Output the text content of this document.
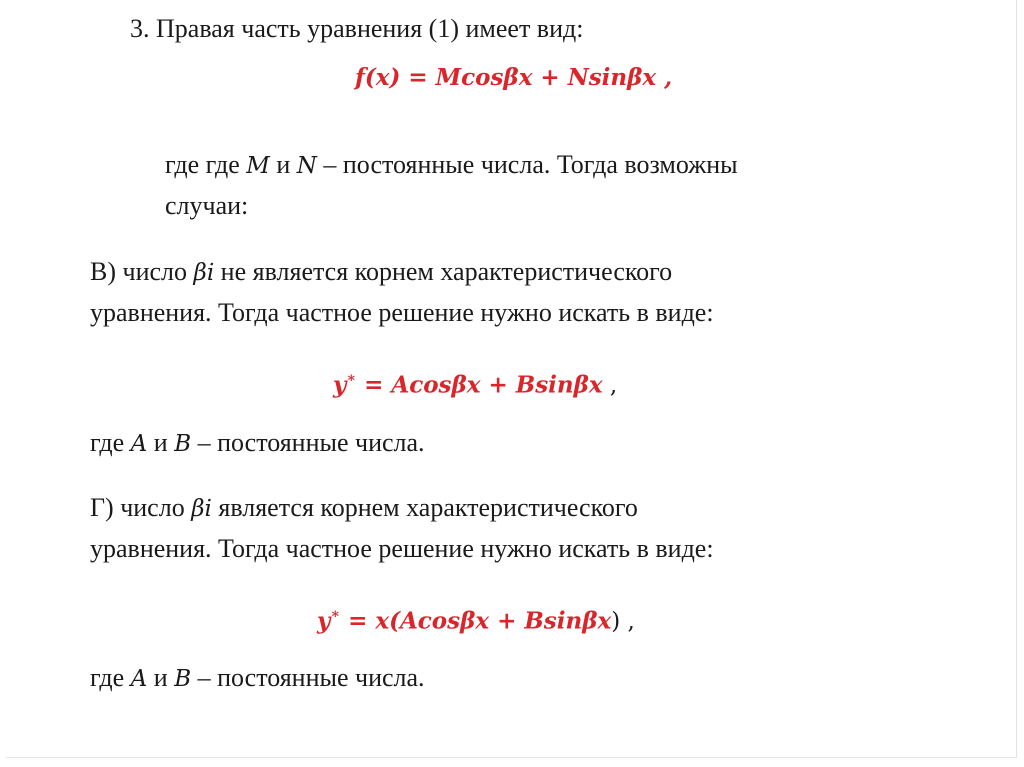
3. Правая часть уравнения (1) имеет вид:
f(x) = Mcosβx + Nsinβx ,
где где M и N – постоянные числа. Тогда возможны
случаи:
В) число βi не является корнем характеристического
уравнения. Тогда частное решение нужно искать в виде:
y∗ = Acosβx + Bsinβx ,
где A и B – постоянные числа.
Г) число βi является корнем характеристического
уравнения. Тогда частное решение нужно искать в виде:
y∗ = x(Acosβx + Bsinβx) ,
где A и B – постоянные числа.
